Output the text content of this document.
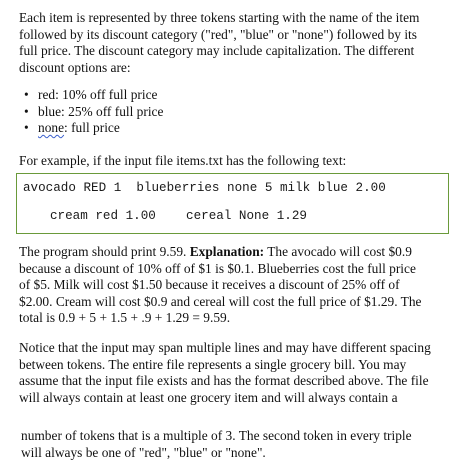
Each item is represented by three tokens starting with the name of the item
followed by its discount category ("red", "blue" or "none") followed by its
full price. The discount category may include capitalization. The different
discount options are:

• red: 10% off full price
• blue: 25% off full price
• none: full price

For example, if the input file items.txt has the following text:

avocado RED 1  blueberries none 5 milk blue 2.00
cream red 1.00    cereal None 1.29

The program should print 9.59. Explanation: The avocado will cost $0.9
because a discount of 10% off of $1 is $0.1. Blueberries cost the full price
of $5. Milk will cost $1.50 because it receives a discount of 25% off of
$2.00. Cream will cost $0.9 and cereal will cost the full price of $1.29. The
total is 0.9 + 5 + 1.5 + .9 + 1.29 = 9.59.

Notice that the input may span multiple lines and may have different spacing
between tokens. The entire file represents a single grocery bill. You may
assume that the input file exists and has the format described above. The file
will always contain at least one grocery item and will always contain a

number of tokens that is a multiple of 3. The second token in every triple
will always be one of "red", "blue" or "none".
